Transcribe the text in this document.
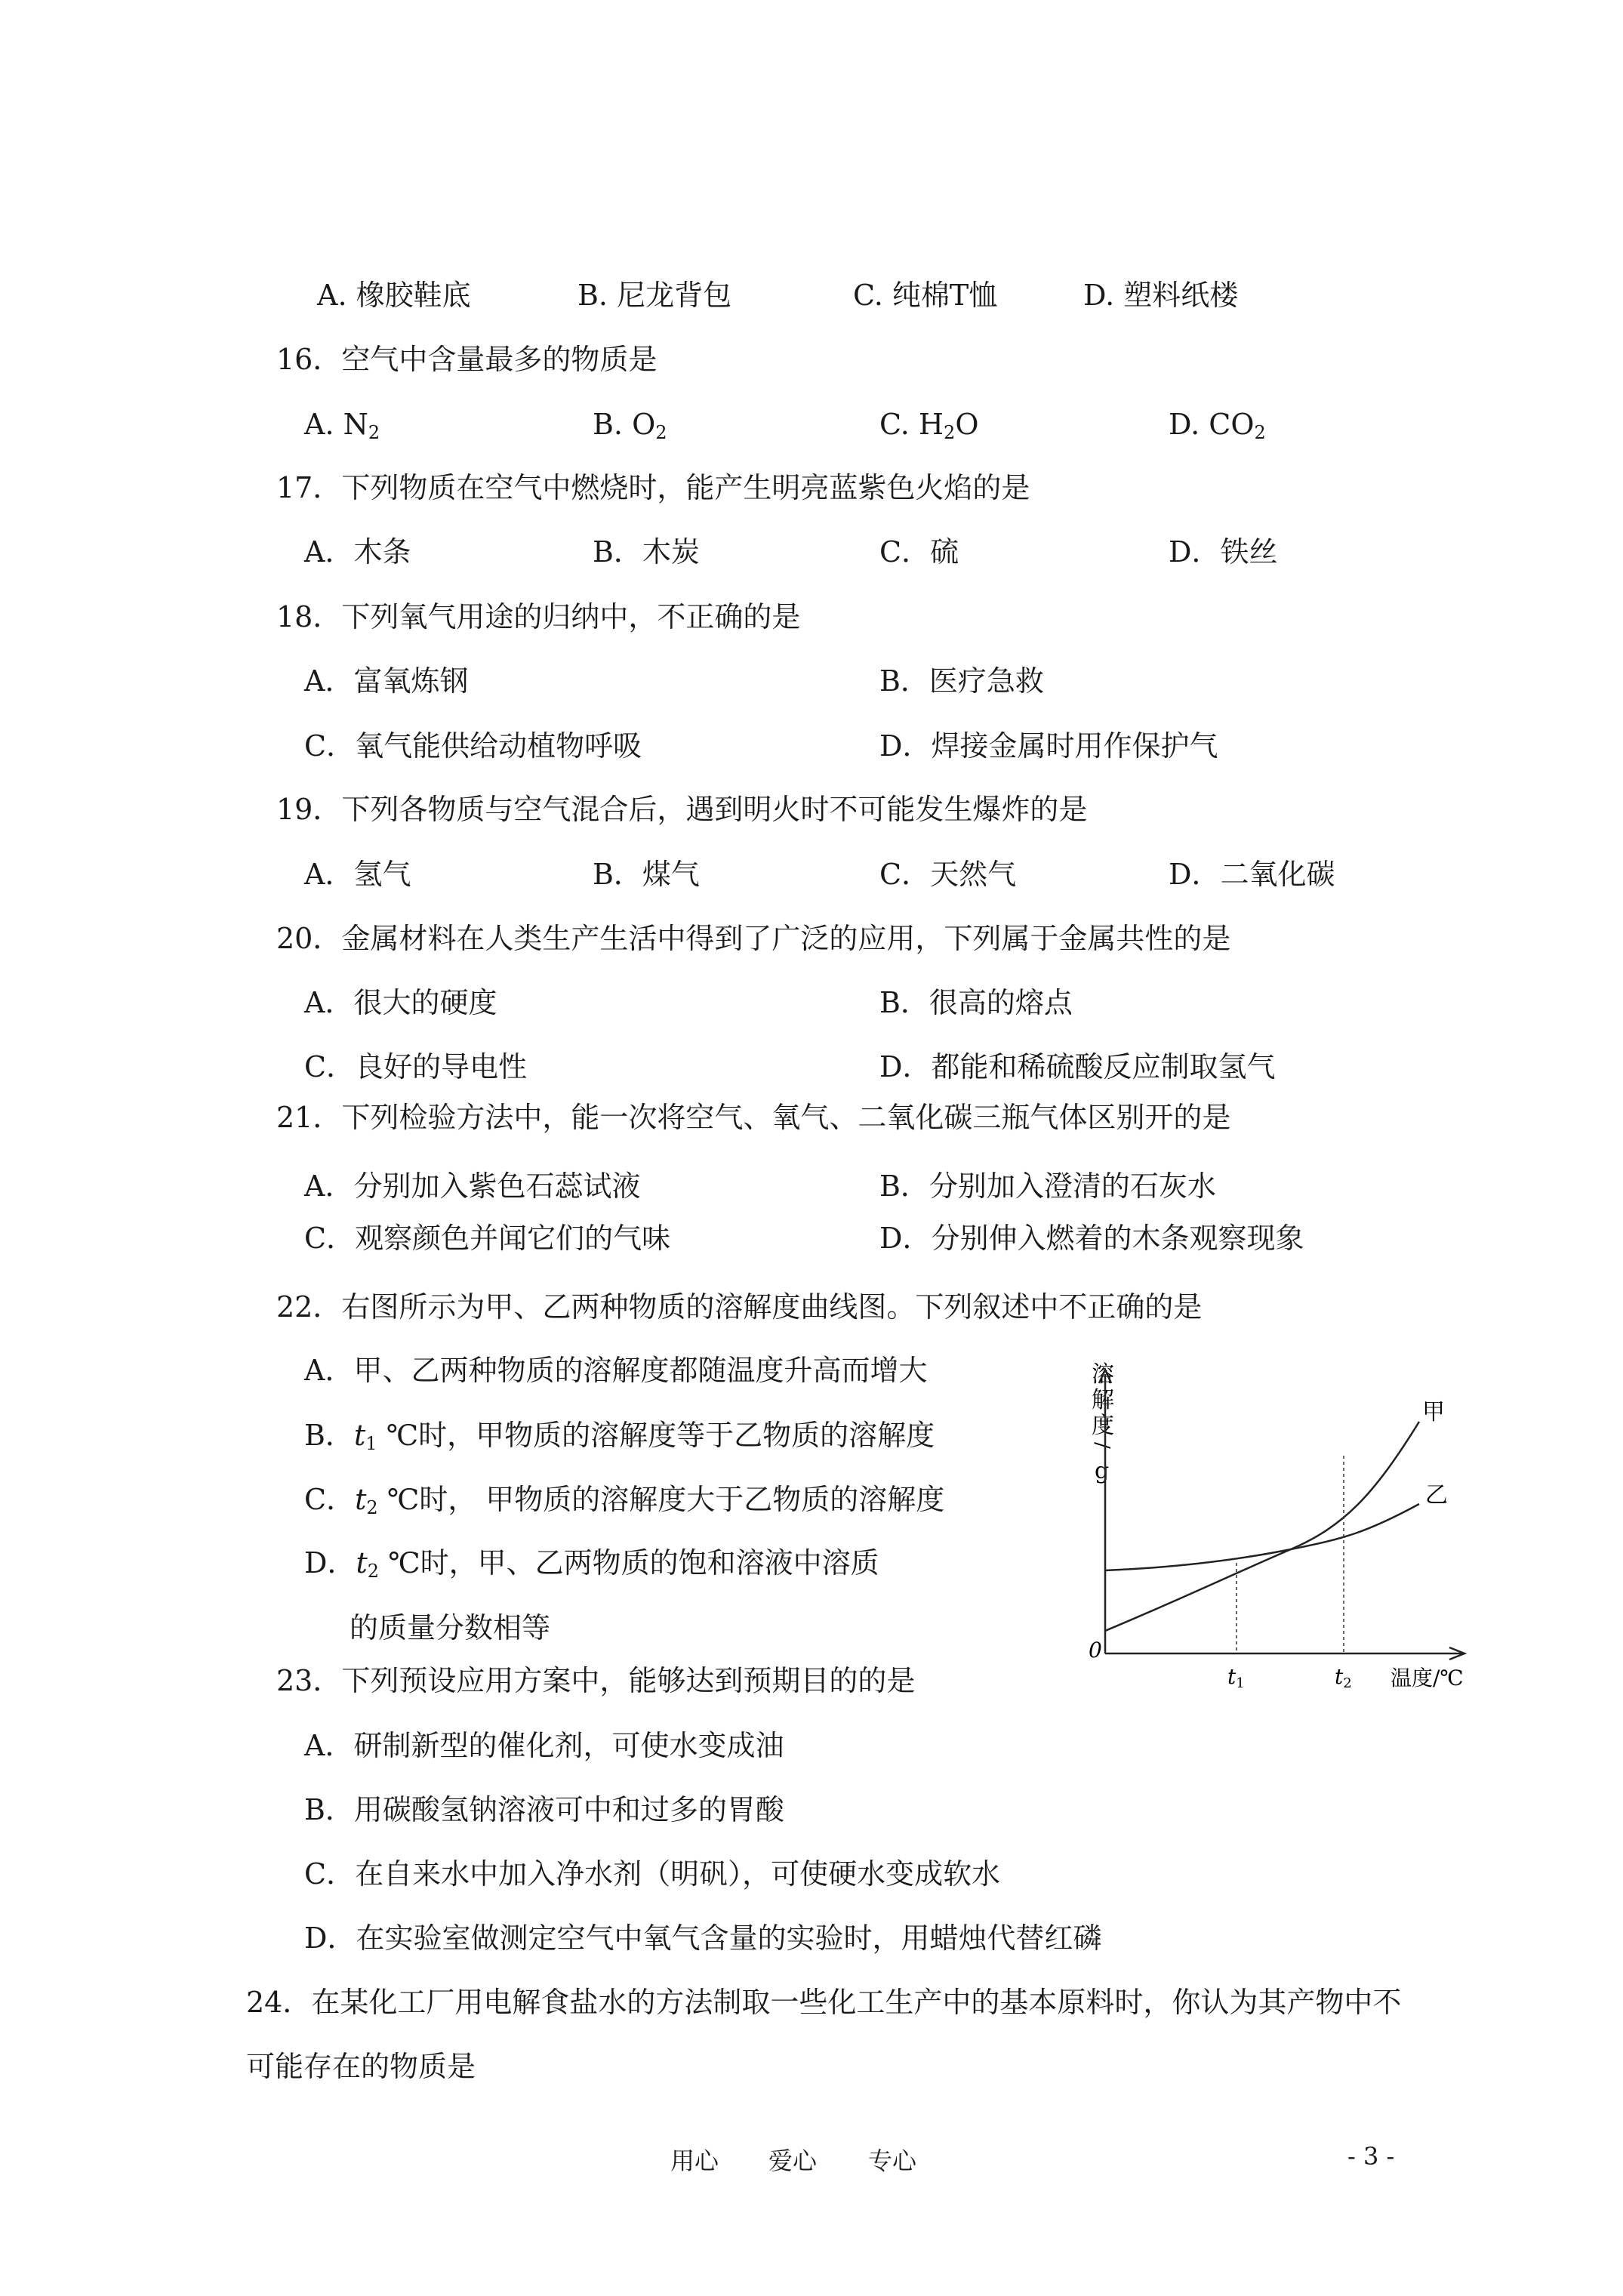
A. 橡胶鞋底	B. 尼龙背包	C. 纯棉T恤	D. 塑料纸楼
16．空气中含量最多的物质是
A. $N_2$	B. $O_2$	C. $H_2O$	D. $CO_2$
17．下列物质在空气中燃烧时，能产生明亮蓝紫色火焰的是
A．木条	B．木炭	C．硫	D．铁丝
18．下列氧气用途的归纳中，不正确的是
A．富氧炼钢	B．医疗急救
C．氧气能供给动植物呼吸	D．焊接金属时用作保护气
19．下列各物质与空气混合后，遇到明火时不可能发生爆炸的是
A．氢气	B．煤气	C．天然气	D．二氧化碳
20．金属材料在人类生产生活中得到了广泛的应用，下列属于金属共性的是
A．很大的硬度	B．很高的熔点
C．良好的导电性	D．都能和稀硫酸反应制取氢气
21．下列检验方法中，能一次将空气、氧气、二氧化碳三瓶气体区别开的是
A．分别加入紫色石蕊试液	B．分别加入澄清的石灰水
C．观察颜色并闻它们的气味	D．分别伸入燃着的木条观察现象
22．右图所示为甲、乙两种物质的溶解度曲线图。下列叙述中不正确的是
A．甲、乙两种物质的溶解度都随温度升高而增大
B．$t_1$ ℃时，甲物质的溶解度等于乙物质的溶解度
C．$t_2$ ℃时， 甲物质的溶解度大于乙物质的溶解度
D．$t_2$ ℃时，甲、乙两物质的饱和溶液中溶质
的质量分数相等
溶
解
度
/
g
甲
乙
0
t1	t2 温度/℃
23．下列预设应用方案中，能够达到预期目的的是
A．研制新型的催化剂，可使水变成油
B．用碳酸氢钠溶液可中和过多的胃酸
C．在自来水中加入净水剂（明矾），可使硬水变成软水
D．在实验室做测定空气中氧气含量的实验时，用蜡烛代替红磷
24．在某化工厂用电解食盐水的方法制取一些化工生产中的基本原料时，你认为其产物中不
可能存在的物质是
用心 爱心 专心	- 3 -
